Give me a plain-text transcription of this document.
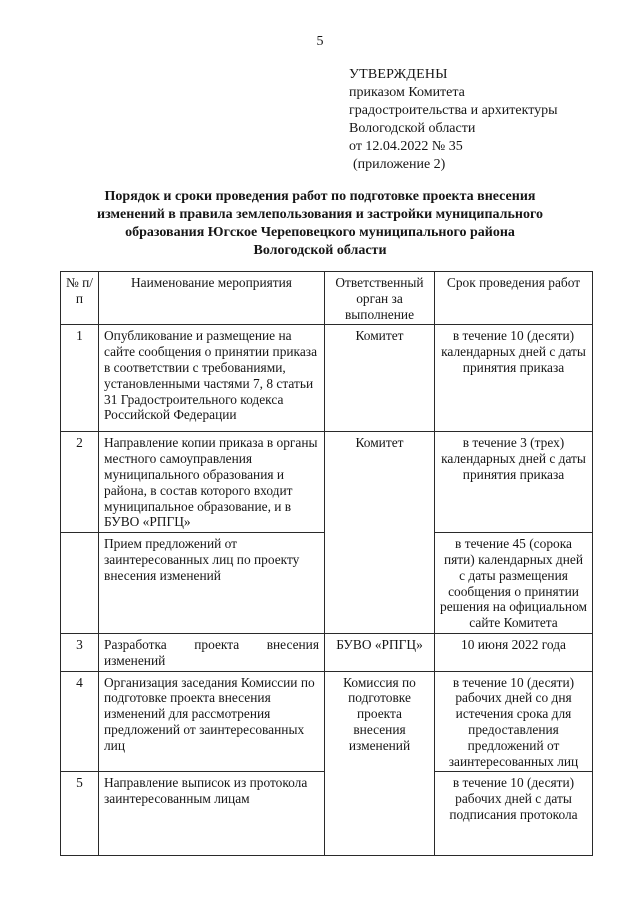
5
УТВЕРЖДЕНЫ
приказом Комитета
градостроительства и архитектуры
Вологодской области
от 12.04.2022 № 35
(приложение 2)
Порядок и сроки проведения работ по подготовке проекта внесения
изменений в правила землепользования и застройки муниципального
образования Югское Череповецкого муниципального района
Вологодской области
№ п/п	Наименование мероприятия	Ответственный орган за выполнение	Срок проведения работ
1	Опубликование и размещение на сайте сообщения о принятии приказа в соответствии с требованиями, установленными частями 7, 8 статьи 31 Градостроительного кодекса Российской Федерации	Комитет	в течение 10 (десяти) календарных дней с даты принятия приказа
2	Направление копии приказа в органы местного самоуправления муниципального образования и района, в состав которого входит муниципальное образование, и в БУВО «РПГЦ»	Комитет	в течение 3 (трех) календарных дней с даты принятия приказа
	Прием предложений от заинтересованных лиц по проекту внесения изменений		в течение 45 (сорока пяти) календарных дней с даты размещения сообщения о принятии решения на официальном сайте Комитета
3	Разработка проекта внесения изменений	БУВО «РПГЦ»	10 июня 2022 года
4	Организация заседания Комиссии по подготовке проекта внесения изменений для рассмотрения предложений от заинтересованных лиц	Комиссия по подготовке проекта внесения изменений	в течение 10 (десяти) рабочих дней со дня истечения срока для предоставления предложений от заинтересованных лиц
5	Направление выписок из протокола заинтересованным лицам		в течение 10 (десяти) рабочих дней с даты подписания протокола
